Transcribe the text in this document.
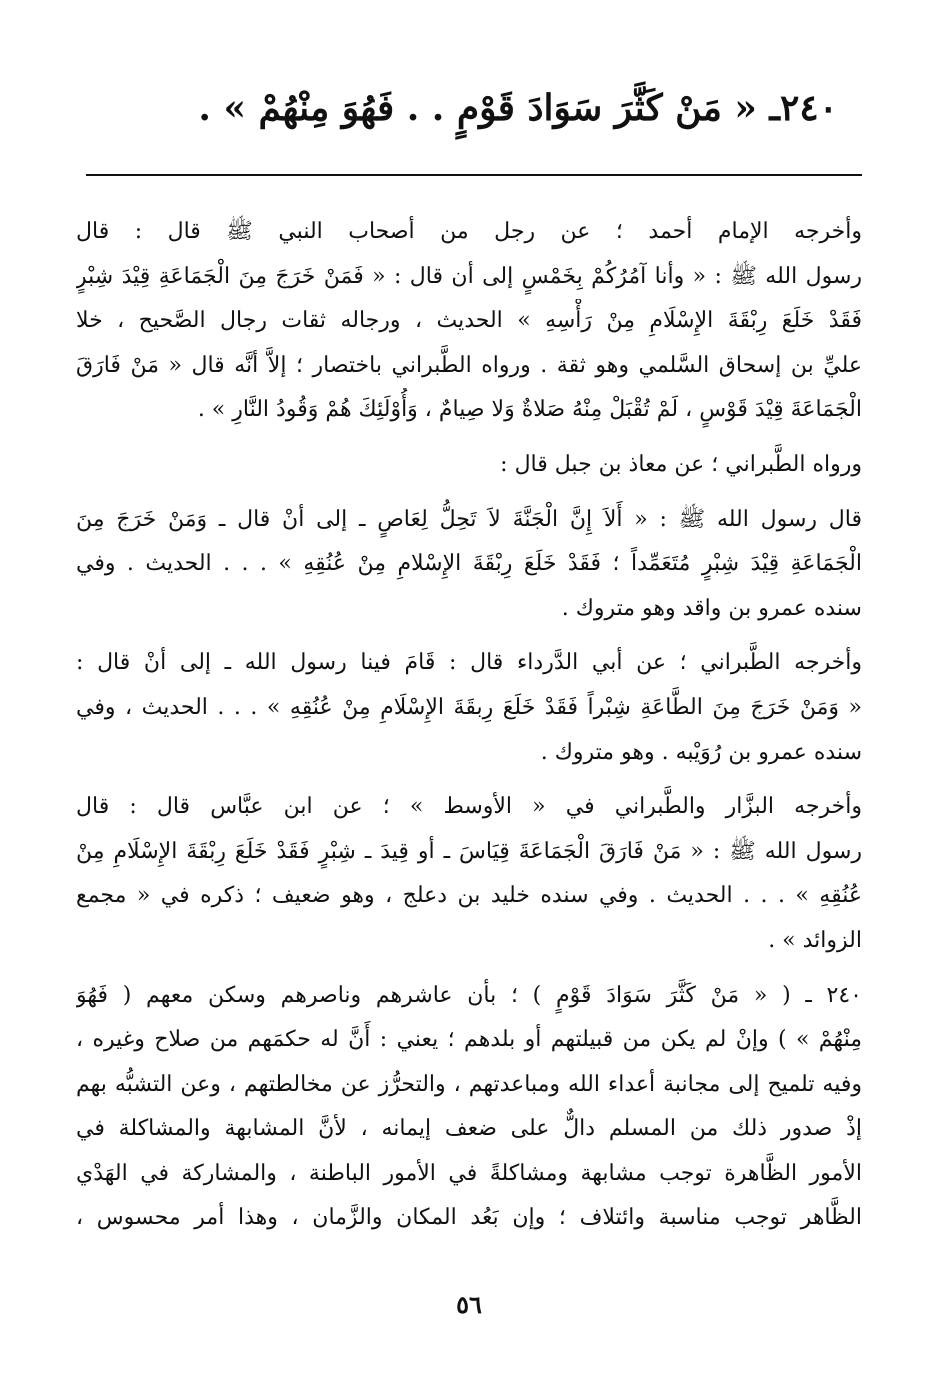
٢٤٠ـ « مَنْ كَثَّرَ سَوَادَ قَوْمٍ . . فَهُوَ مِنْهُمْ » .
وأخرجه الإمام أحمد ؛ عن رجل من أصحاب النبي ﷺ قال : قال
رسول الله ﷺ : « وأنا آمُرُكُمْ بِخَمْسٍ إلى أن قال : « فَمَنْ خَرَجَ مِنَ الْجَمَاعَةِ قِيْدَ شِبْرٍ
فَقَدْ خَلَعَ رِبْقَةَ الإِسْلَامِ مِنْ رَأْسِهِ » الحديث ، ورجاله ثقات رجال الصَّحيح ، خلا
عليِّ بن إسحاق السَّلمي وهو ثقة . ورواه الطَّبراني باختصار ؛ إلاَّ أنَّه قال « مَنْ فَارَقَ
الْجَمَاعَةَ قِيْدَ قَوْسٍ ، لَمْ تُقْبَلْ مِنْهُ صَلاةٌ وَلا صِيامٌ ، وَأُوْلَئِكَ هُمْ وَقُودُ النَّارِ » .
ورواه الطَّبراني ؛ عن معاذ بن جبل قال :
قال رسول الله ﷺ : « أَلاَ إِنَّ الْجَنَّةَ لاَ تَحِلُّ لِعَاصٍ ـ إلى أنْ قال ـ وَمَنْ خَرَجَ مِنَ
الْجَمَاعَةِ قِيْدَ شِبْرٍ مُتَعَمِّداً ؛ فَقَدْ خَلَعَ رِبْقَةَ الإِسْلامِ مِنْ عُنُقِهِ » . . . الحديث . وفي
سنده عمرو بن واقد وهو متروك .
وأخرجه الطَّبراني ؛ عن أبي الدَّرداء قال : قَامَ فينا رسول الله ـ إلى أنْ قال :
« وَمَنْ خَرَجَ مِنَ الطَّاعَةِ شِبْراً فَقَدْ خَلَعَ رِبقَةَ الإِسْلَامِ مِنْ عُنُقِهِ » . . . الحديث ، وفي
سنده عمرو بن رُوَيْبه . وهو متروك .
وأخرجه البزَّار والطَّبراني في « الأوسط » ؛ عن ابن عبَّاس قال : قال
رسول الله ﷺ : « مَنْ فَارَقَ الْجَمَاعَةَ قِيَاسَ ـ أو قِيدَ ـ شِبْرٍ فَقَدْ خَلَعَ رِبْقَةَ الإِسْلَامِ مِنْ
عُنُقِهِ » . . . الحديث . وفي سنده خليد بن دعلج ، وهو ضعيف ؛ ذكره في « مجمع
الزوائد » .
٢٤٠ ـ ( « مَنْ كَثَّرَ سَوَادَ قَوْمٍ ) ؛ بأن عاشرهم وناصرهم وسكن معهم ( فَهُوَ
مِنْهُمْ » ) وإنْ لم يكن من قبيلتهم أو بلدهم ؛ يعني : أَنَّ له حكمَهم من صلاح وغيره ،
وفيه تلميح إلى مجانبة أعداء الله ومباعدتهم ، والتحرُّز عن مخالطتهم ، وعن التشبُّه بهم
إذْ صدور ذلك من المسلم دالٌّ على ضعف إيمانه ، لأنَّ المشابهة والمشاكلة في
الأمور الظَّاهرة توجب مشابهة ومشاكلةً في الأمور الباطنة ، والمشاركة في الهَدْي
الظَّاهر توجب مناسبة وائتلاف ؛ وإن بَعُد المكان والزَّمان ، وهذا أمر محسوس ،
٥٦
